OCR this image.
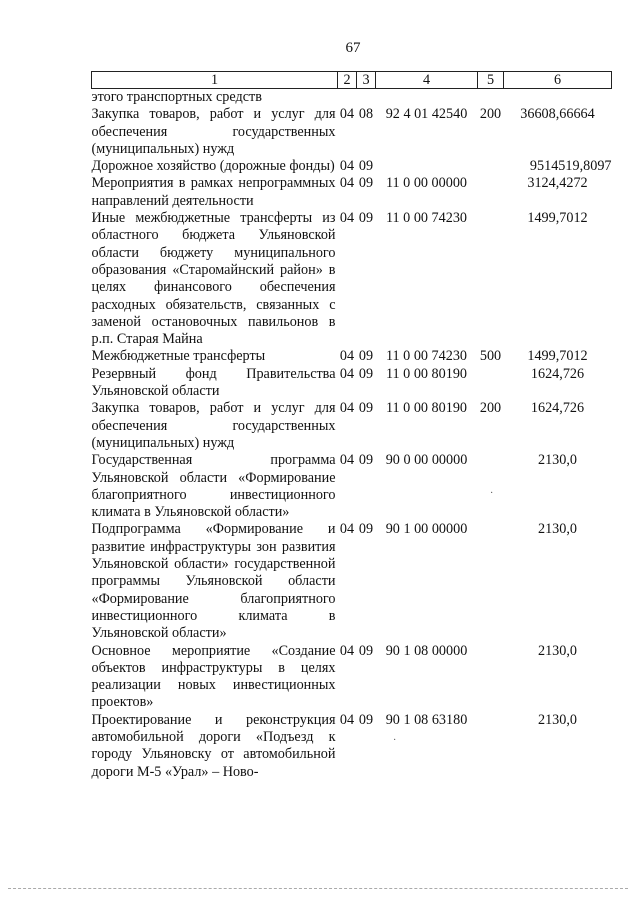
67
1	2	3	4	5	6
этого транспортных средств					
Закупка товаров, работ и услуг для обеспечения государственных (муниципальных) нужд	04	08	92 4 01 42540	200	36608,66664
Дорожное хозяйство (дорожные фонды)	04	09			9514519,8097
Мероприятия в рамках непрограммных направлений деятельности	04	09	11 0 00 00000		3124,4272
Иные межбюджетные трансферты из областного бюджета Ульяновской области бюджету муниципального образования «Старомайнский район» в целях финансового обеспечения расходных обязательств, связанных с заменой остановочных павильонов в р.п. Старая Майна	04	09	11 0 00 74230		1499,7012
Межбюджетные трансферты	04	09	11 0 00 74230	500	1499,7012
Резервный фонд Правительства Ульяновской области	04	09	11 0 00 80190		1624,726
Закупка товаров, работ и услуг для обеспечения государственных (муниципальных) нужд	04	09	11 0 00 80190	200	1624,726
Государственная программа Ульяновской области «Формирование благоприятного инвестиционного климата в Ульяновской области»	04	09	90 0 00 00000		2130,0
Подпрограмма «Формирование и развитие инфраструктуры зон развития Ульяновской области» государственной программы Ульяновской области «Формирование благоприятного инвестиционного климата в Ульяновской области»	04	09	90 1 00 00000		2130,0
Основное мероприятие «Создание объектов инфраструктуры в целях реализации новых инвестиционных проектов»	04	09	90 1 08 00000		2130,0
Проектирование и реконструкция автомобильной дороги «Подъезд к городу Ульяновску от автомобильной дороги М-5 «Урал» – Ново-	04	09	90 1 08 63180		2130,0
·
·
